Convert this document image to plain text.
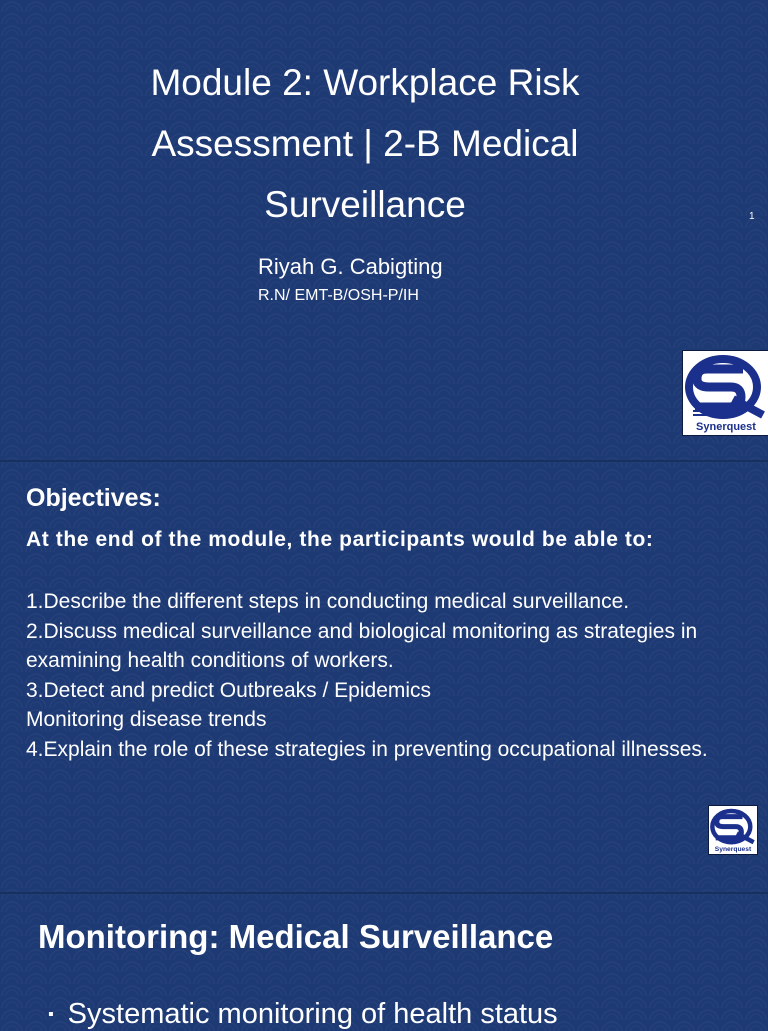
Module 2: Workplace Risk
Assessment | 2-B Medical
Surveillance	1
Riyah G. Cabigting
R.N/ EMT-B/OSH-P/IH
Synerquest
Objectives:
At the end of the module, the participants would be able to:
1.Describe the different steps in conducting medical surveillance.
2.Discuss medical surveillance and biological monitoring as strategies in examining health conditions of workers.
3.Detect and predict Outbreaks / Epidemics
Monitoring disease trends
4.Explain the role of these strategies in preventing occupational illnesses.
Synerquest
Monitoring: Medical Surveillance
▪ Systematic monitoring of health status
